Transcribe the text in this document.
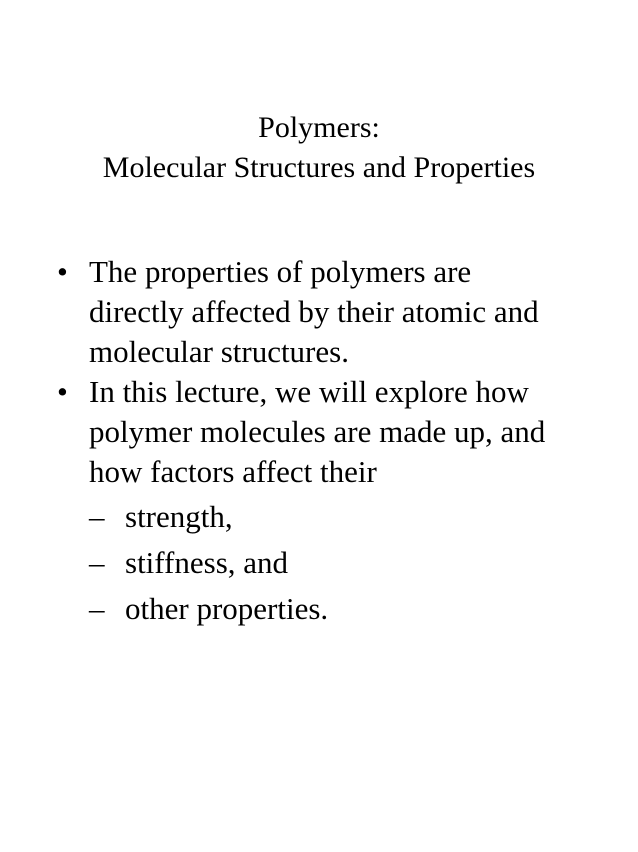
Polymers:
Molecular Structures and Properties
• The properties of polymers are
directly affected by their atomic and
molecular structures.
• In this lecture, we will explore how
polymer molecules are made up, and
how factors affect their
– strength,
– stiffness, and
– other properties.
